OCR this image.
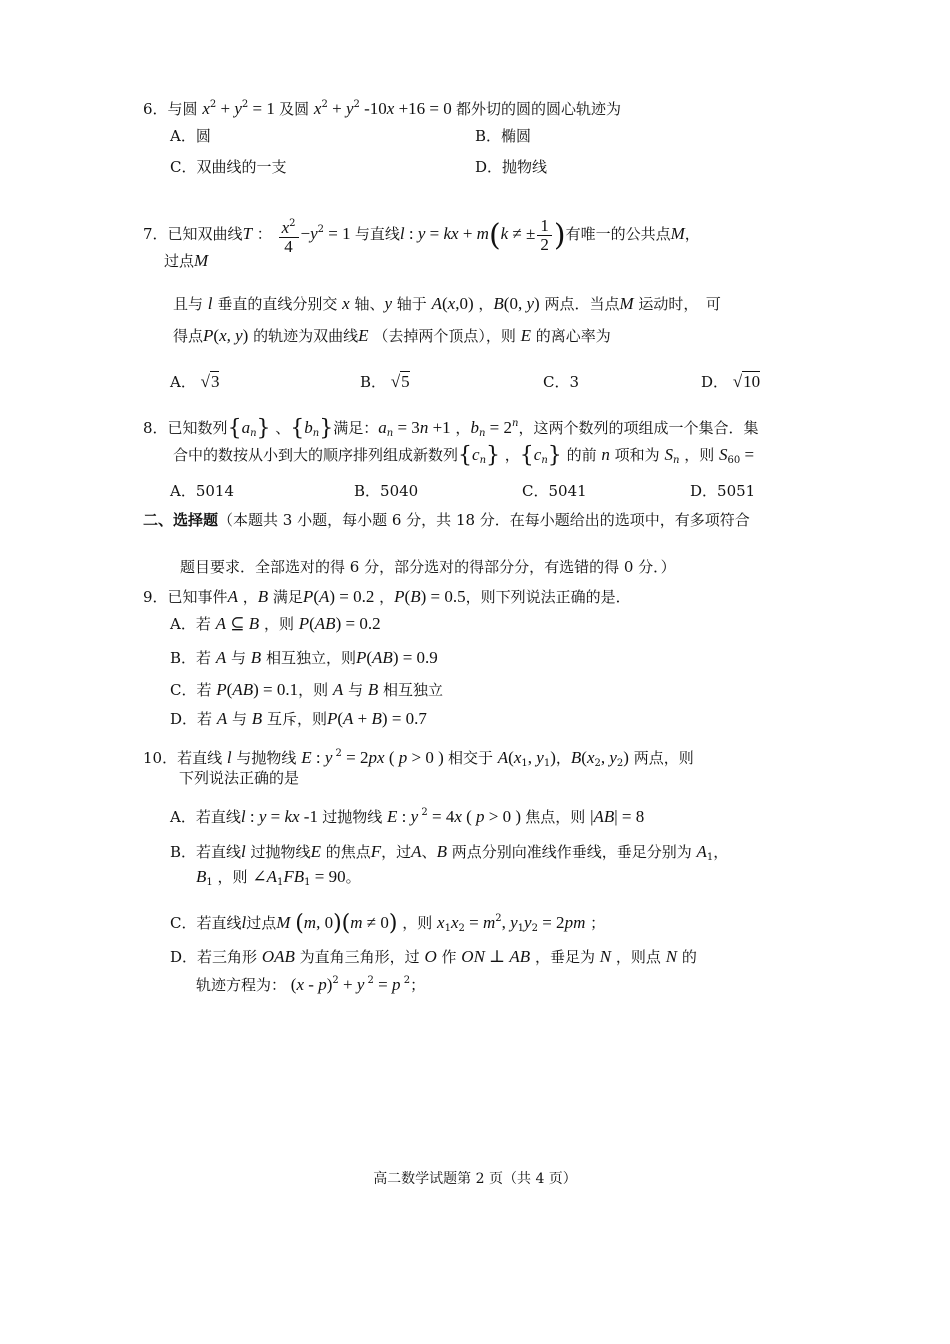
6．与圆 $x^2 + y^2 = 1$ 及圆 $x^2 + y^2$ -10x +16 = 0 都外切的圆的圆心轨迹为
A．圆	B．椭圆
C．双曲线的一支	D．抛物线
7．已知双曲线T ： $\frac{x^2}{4} -y^2 = 1$ 与直线l : y = kx + m(k ≠ ± $\frac{1}{2}$ )有唯一的公共点M，
过点M
且与 l 垂直的直线分别交 x 轴、y 轴于 A(x,0) ，B(0, y) 两点．当点M 运动时，　可
得点P(x, y) 的轨迹为双曲线E （去掉两个顶点），则 E 的离心率为
A． √3	B． √5	C．3	D． √10
8．已知数列$\{a_n\}$ 、$\{b_n\}$满足：$a_n = 3n +1$ ，$b_n = 2^n$，这两个数列的项组成一个集合．集
合中的数按从小到大的顺序排列组成新数列$\{c_n\}$ ，$\{c_n\}$ 的前 n 项和为 $S_n$ ，则 $S_{60}$ =
A．5014	B．5040	C．5041	D．5051
二、选择题（本题共 3 小题，每小题 6 分，共 18 分．在每小题给出的选项中，有多项符合
题目要求．全部选对的得 6 分，部分选对的得部分分，有选错的得 0 分．）
9．已知事件A ，B 满足P(A) = 0.2 ，P(B) = 0.5，则下列说法正确的是．
A．若 A ⊆ B ，则 P(AB) = 0.2
B．若 A 与 B 相互独立，则P(AB) = 0.9
C．若 P(AB) = 0.1，则 A 与 B 相互独立
D．若 A 与 B 互斥，则P(A + B) = 0.7
10．若直线 l 与抛物线 E : y $^2$ = 2px ( p > 0 ) 相交于 $A(x_1$, $y_1$)，$B(x_2$, $y_2$) 两点，则
下列说法正确的是
A．若直线l : y = kx -1 过抛物线 E : y $^2$ = 4x ( p > 0 ) 焦点，则 |AB| = 8
B．若直线l 过抛物线E 的焦点F，过A、B 两点分别向准线作垂线，垂足分别为 $A_1$，
$B_1$ ，则 $\angle A_1FB_1 = 90$。
C．若直线l过点M (m, 0)(m ≠ 0) ，则 $x_1x_2 = m^2$, $y_1y_2 = 2pm$ ；
D．若三角形 OAB 为直角三角形，过 O 作 ON ⊥ AB ，垂足为 N ，则点 N 的
轨迹方程为： (x - p)$^2$ + y $^2$ = p $^2$；
高二数学试题第 2 页（共 4 页）
